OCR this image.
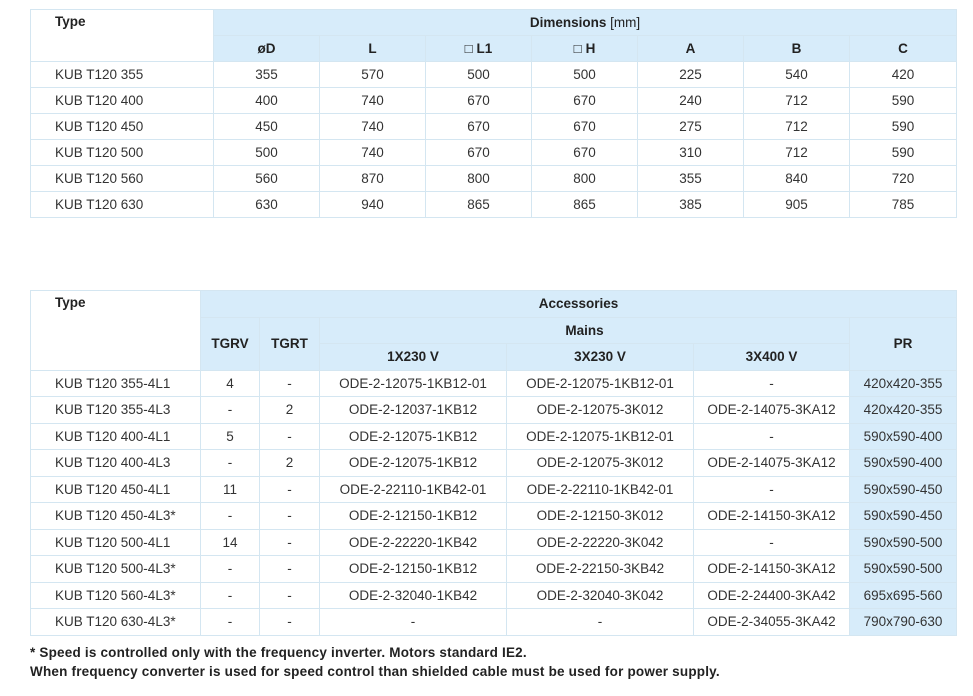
Type	Dimensions [mm]						
	øD	L	□ L1	□ H	A	B	C
KUB T120 355	355	570	500	500	225	540	420
KUB T120 400	400	740	670	670	240	712	590
KUB T120 450	450	740	670	670	275	712	590
KUB T120 500	500	740	670	670	310	712	590
KUB T120 560	560	870	800	800	355	840	720
KUB T120 630	630	940	865	865	385	905	785
Type	Accessories					
	TGRV	TGRT	Mains			PR
			1X230 V	3X230 V	3X400 V	
KUB T120 355-4L1	4	-	ODE-2-12075-1KB12-01	ODE-2-12075-1KB12-01	-	420x420-355
KUB T120 355-4L3	-	2	ODE-2-12037-1KB12	ODE-2-12075-3K012	ODE-2-14075-3KA12	420x420-355
KUB T120 400-4L1	5	-	ODE-2-12075-1KB12	ODE-2-12075-1KB12-01	-	590x590-400
KUB T120 400-4L3	-	2	ODE-2-12075-1KB12	ODE-2-12075-3K012	ODE-2-14075-3KA12	590x590-400
KUB T120 450-4L1	11	-	ODE-2-22110-1KB42-01	ODE-2-22110-1KB42-01	-	590x590-450
KUB T120 450-4L3*	-	-	ODE-2-12150-1KB12	ODE-2-12150-3K012	ODE-2-14150-3KA12	590x590-450
KUB T120 500-4L1	14	-	ODE-2-22220-1KB42	ODE-2-22220-3K042	-	590x590-500
KUB T120 500-4L3*	-	-	ODE-2-12150-1KB12	ODE-2-22150-3KB42	ODE-2-14150-3KA12	590x590-500
KUB T120 560-4L3*	-	-	ODE-2-32040-1KB42	ODE-2-32040-3K042	ODE-2-24400-3KA42	695x695-560
KUB T120 630-4L3*	-	-	-	-	ODE-2-34055-3KA42	790x790-630
* Speed is controlled only with the frequency inverter. Motors standard IE2.
When frequency converter is used for speed control than shielded cable must be used for power supply.
